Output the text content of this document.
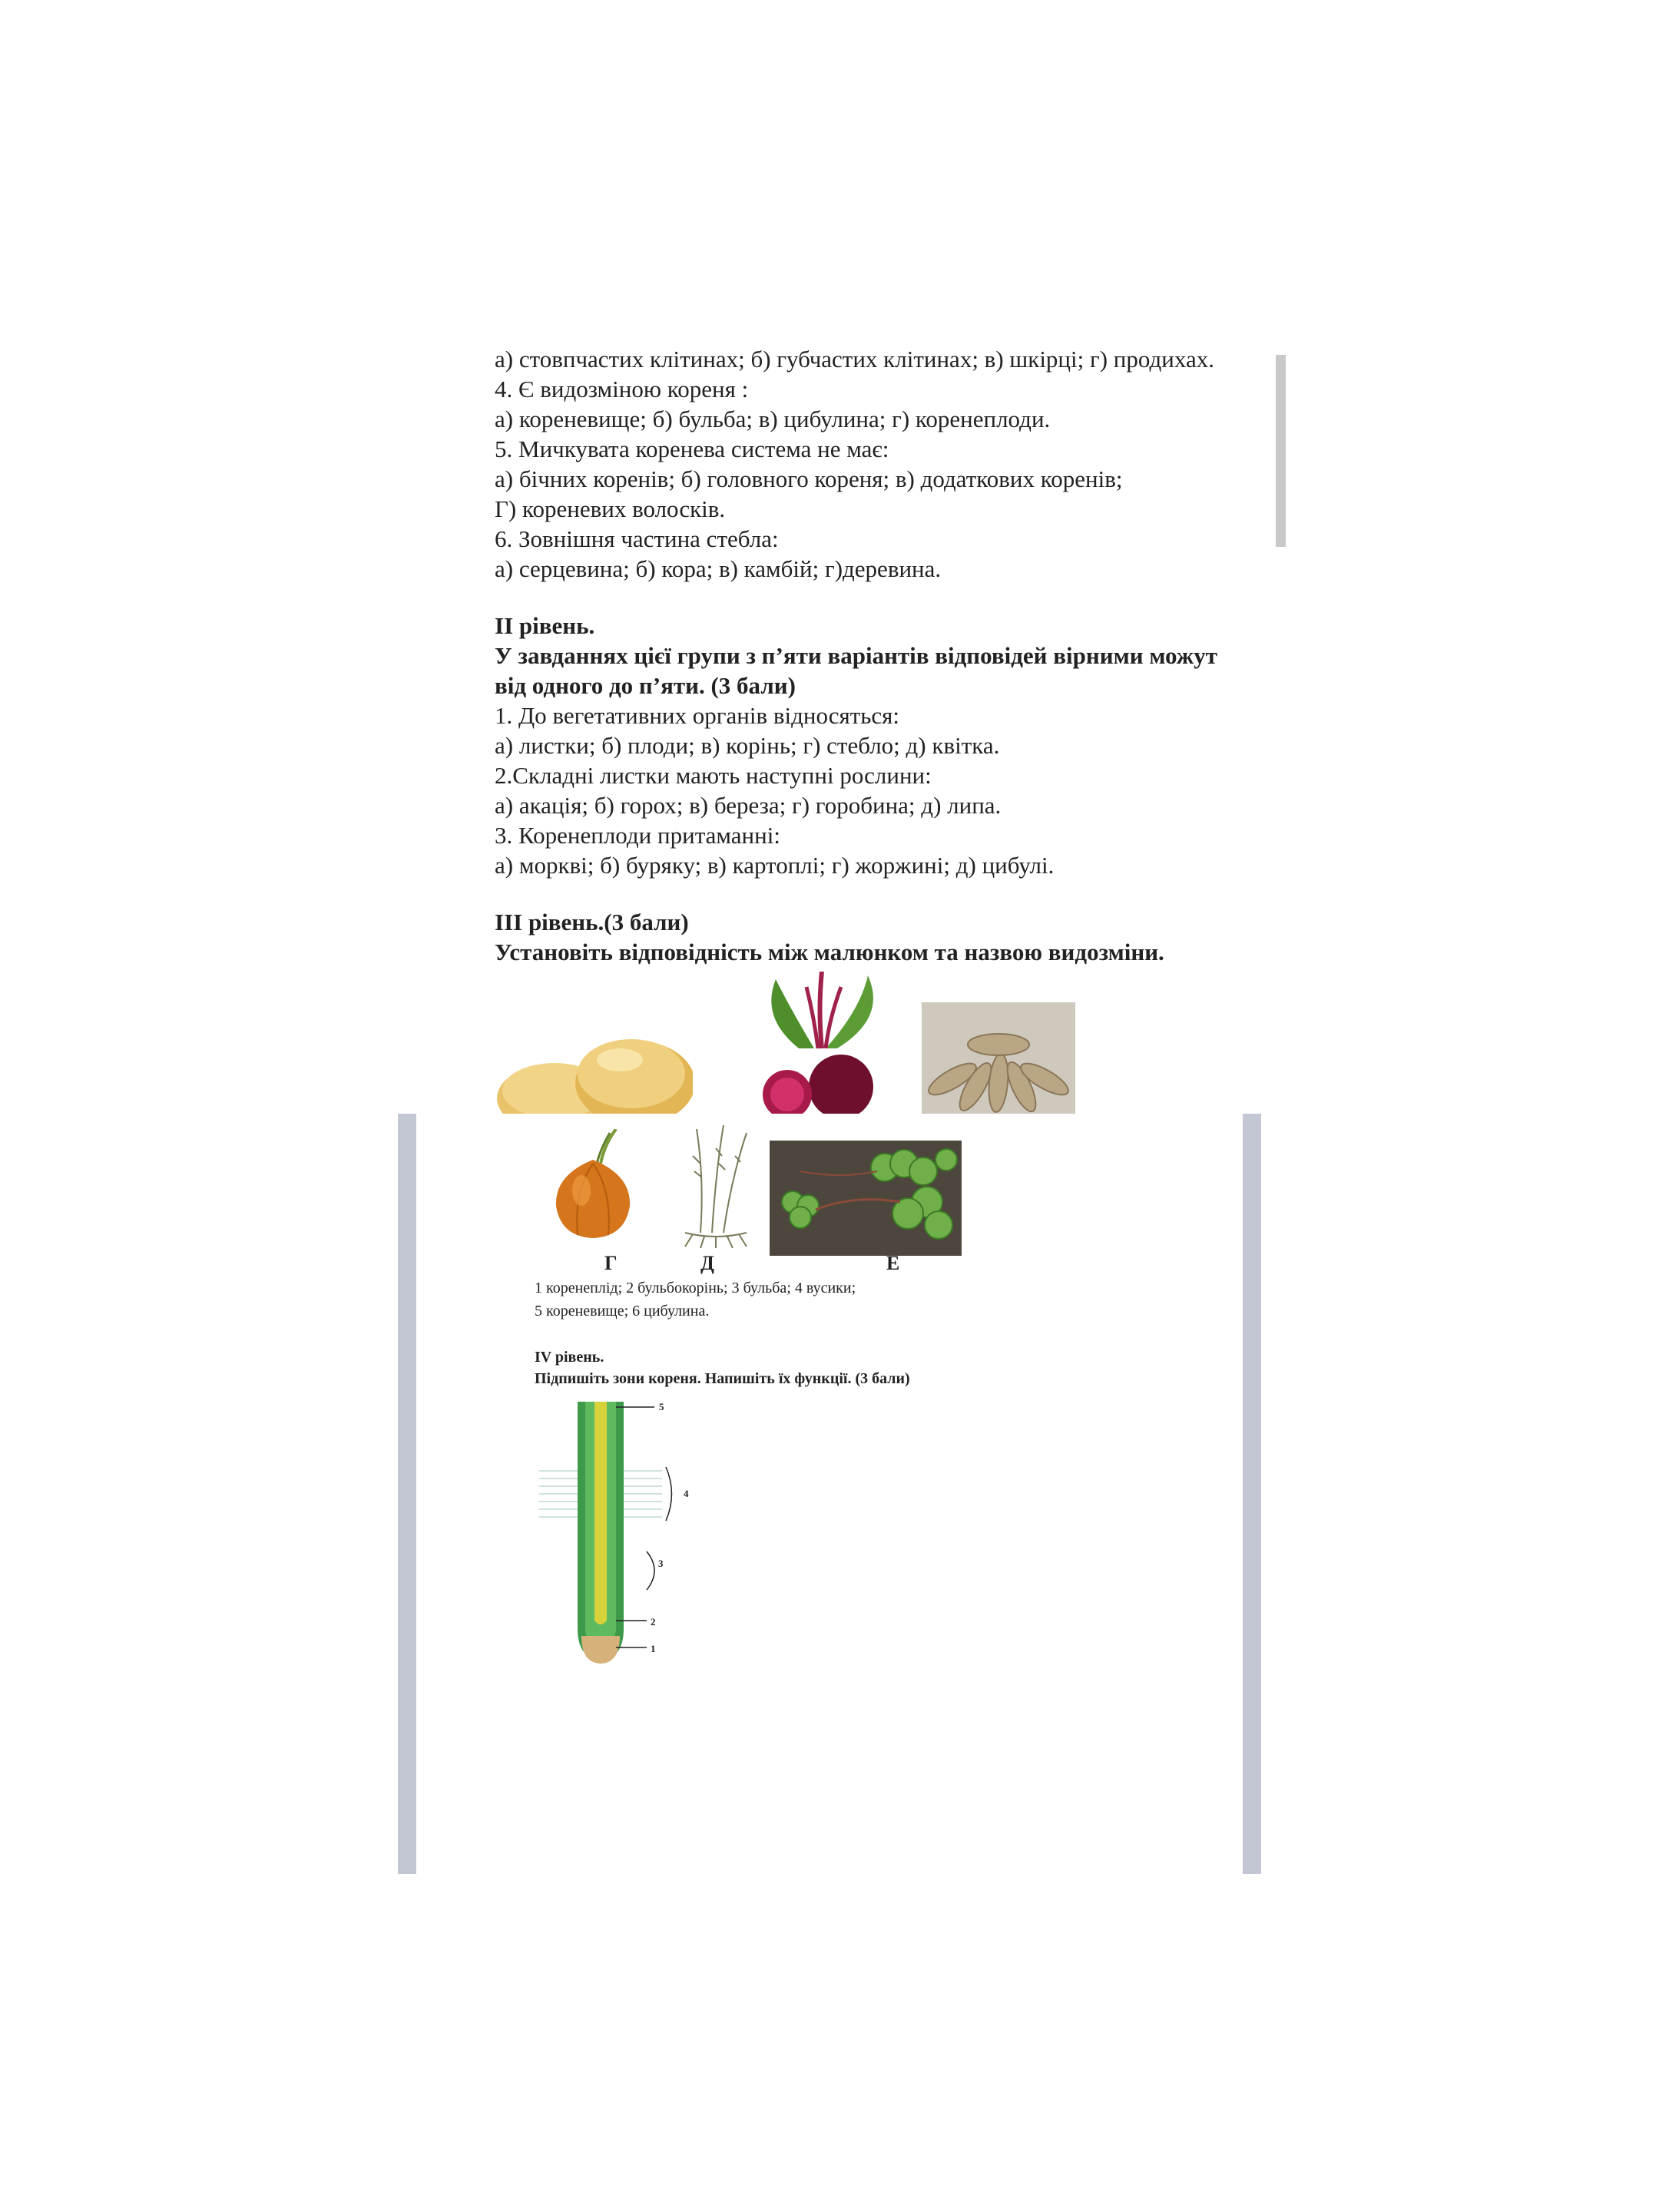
а) стовпчастих клітинах; б) губчастих клітинах; в) шкірці; г) продихах.
4. Є видозміною кореня :
а) кореневище; б) бульба; в) цибулина; г) коренеплоди.
5. Мичкувата коренева система не має:
а) бічних коренів; б) головного кореня; в) додаткових коренів;
Г) кореневих волосків.
6. Зовнішня частина стебла:
а) серцевина; б) кора; в) камбій; г)деревина.
ІІ рівень.
У завданнях цієї групи з п’яти варіантів відповідей вірними можут
від одного до п’яти. (3 бали)
1. До вегетативних органів відносяться:
а) листки; б) плоди; в) корінь; г) стебло; д) квітка.
2.Складні листки мають наступні рослини:
а) акація; б) горох; в) береза; г) горобина; д) липа.
3. Коренеплоди притаманні:
а) моркві; б) буряку; в) картоплі; г) жоржині; д) цибулі.
ІІІ рівень.(3 бали)
Установіть відповідність між малюнком та назвою видозміни.
Г	Д	Е
1 коренеплід; 2 бульбокорінь; 3 бульба; 4 вусики;
5 кореневище; 6 цибулина.
IV рівень.
Підпишіть зони кореня. Напишіть їх функції. (3 бали)
5
4
3
2
1
